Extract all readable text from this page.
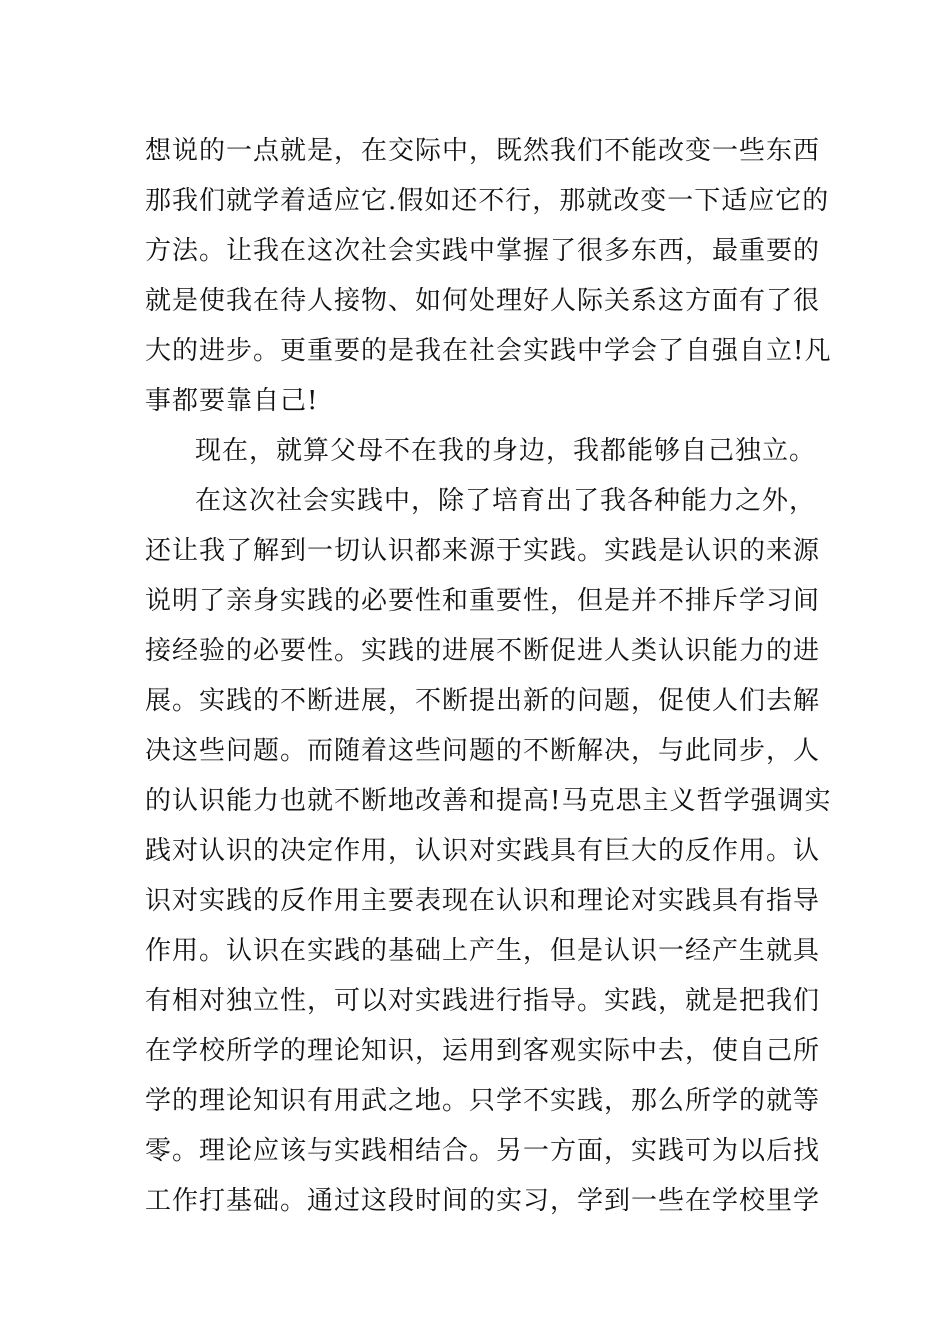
想说的一点就是，在交际中，既然我们不能改变一些东西
那我们就学着适应它.假如还不行，那就改变一下适应它的
方法。让我在这次社会实践中掌握了很多东西，最重要的
就是使我在待人接物、如何处理好人际关系这方面有了很
大的进步。更重要的是我在社会实践中学会了自强自立!凡
事都要靠自己!
现在，就算父母不在我的身边，我都能够自己独立。
在这次社会实践中，除了培育出了我各种能力之外，
还让我了解到一切认识都来源于实践。实践是认识的来源
说明了亲身实践的必要性和重要性，但是并不排斥学习间
接经验的必要性。实践的进展不断促进人类认识能力的进
展。实践的不断进展，不断提出新的问题，促使人们去解
决这些问题。而随着这些问题的不断解决，与此同步，人
的认识能力也就不断地改善和提高!马克思主义哲学强调实
践对认识的决定作用，认识对实践具有巨大的反作用。认
识对实践的反作用主要表现在认识和理论对实践具有指导
作用。认识在实践的基础上产生，但是认识一经产生就具
有相对独立性，可以对实践进行指导。实践，就是把我们
在学校所学的理论知识，运用到客观实际中去，使自己所
学的理论知识有用武之地。只学不实践，那么所学的就等
零。理论应该与实践相结合。另一方面，实践可为以后找
工作打基础。通过这段时间的实习，学到一些在学校里学
